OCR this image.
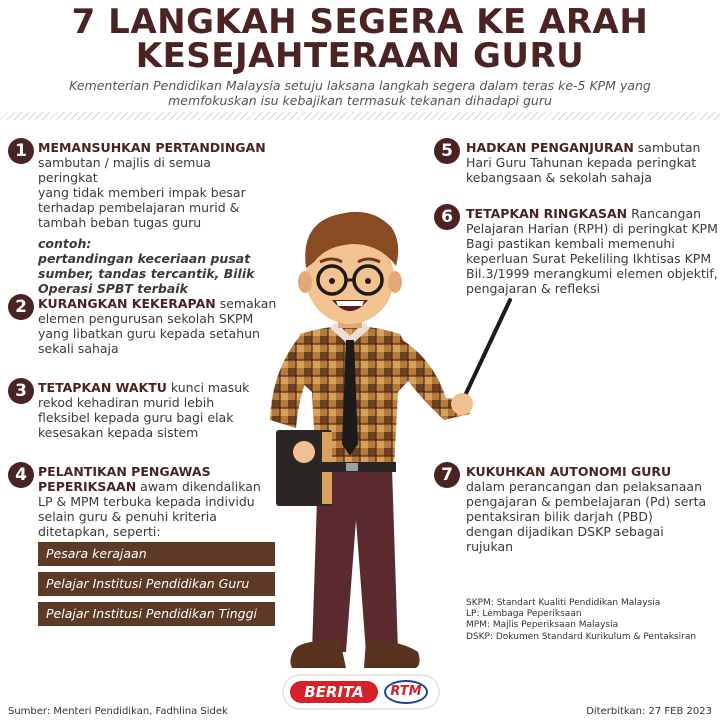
7 LANGKAH SEGERA KE ARAH
KESEJAHTERAAN GURU
Kementerian Pendidikan Malaysia setuju laksana langkah segera dalam teras ke-5 KPM yang
memfokuskan isu kebajikan termasuk tekanan dihadapi guru
1 MEMANSUHKAN PERTANDINGAN
sambutan / majlis di semua peringkat
yang tidak memberi impak besar
terhadap pembelajaran murid &
tambah beban tugas guru
contoh:
pertandingan keceriaan pusat
sumber, tandas tercantik, Bilik
Operasi SPBT terbaik
2 KURANGKAN KEKERAPAN semakan
elemen pengurusan sekolah SKPM
yang libatkan guru kepada setahun
sekali sahaja
3 TETAPKAN WAKTU kunci masuk
rekod kehadiran murid lebih
fleksibel kepada guru bagi elak
kesesakan kepada sistem
4 PELANTIKAN PENGAWAS
PEPERIKSAAN awam dikendalikan
LP & MPM terbuka kepada individu
selain guru & penuhi kriteria
ditetapkan, seperti:
Pesara kerajaan
Pelajar Institusi Pendidikan Guru
Pelajar Institusi Pendidikan Tinggi
5	HADKAN PENGANJURAN sambutan
Hari Guru Tahunan kepada peringkat
kebangsaan & sekolah sahaja
6	TETAPKAN RINGKASAN Rancangan
Pelajaran Harian (RPH) di peringkat KPM
Bagi pastikan kembali memenuhi
keperluan Surat Pekeliling Ikhtisas KPM
Bil.3/1999 merangkumi elemen objektif,
pengajaran & refleksi
7	KUKUHKAN AUTONOMI GURU
dalam perancangan dan pelaksanaan
pengajaran & pembelajaran (Pd) serta
pentaksiran bilik darjah (PBD)
dengan dijadikan DSKP sebagai
rujukan
SKPM: Standart Kualiti Pendidikan Malaysia
LP: Lembaga Peperiksaan
MPM: Majlis Peperiksaan Malaysia
DSKP: Dokumen Standard Kurikulum & Pentaksiran
BERITA	RTM
Sumber: Menteri Pendidikan, Fadhlina Sidek	Diterbitkan: 27 FEB 2023
